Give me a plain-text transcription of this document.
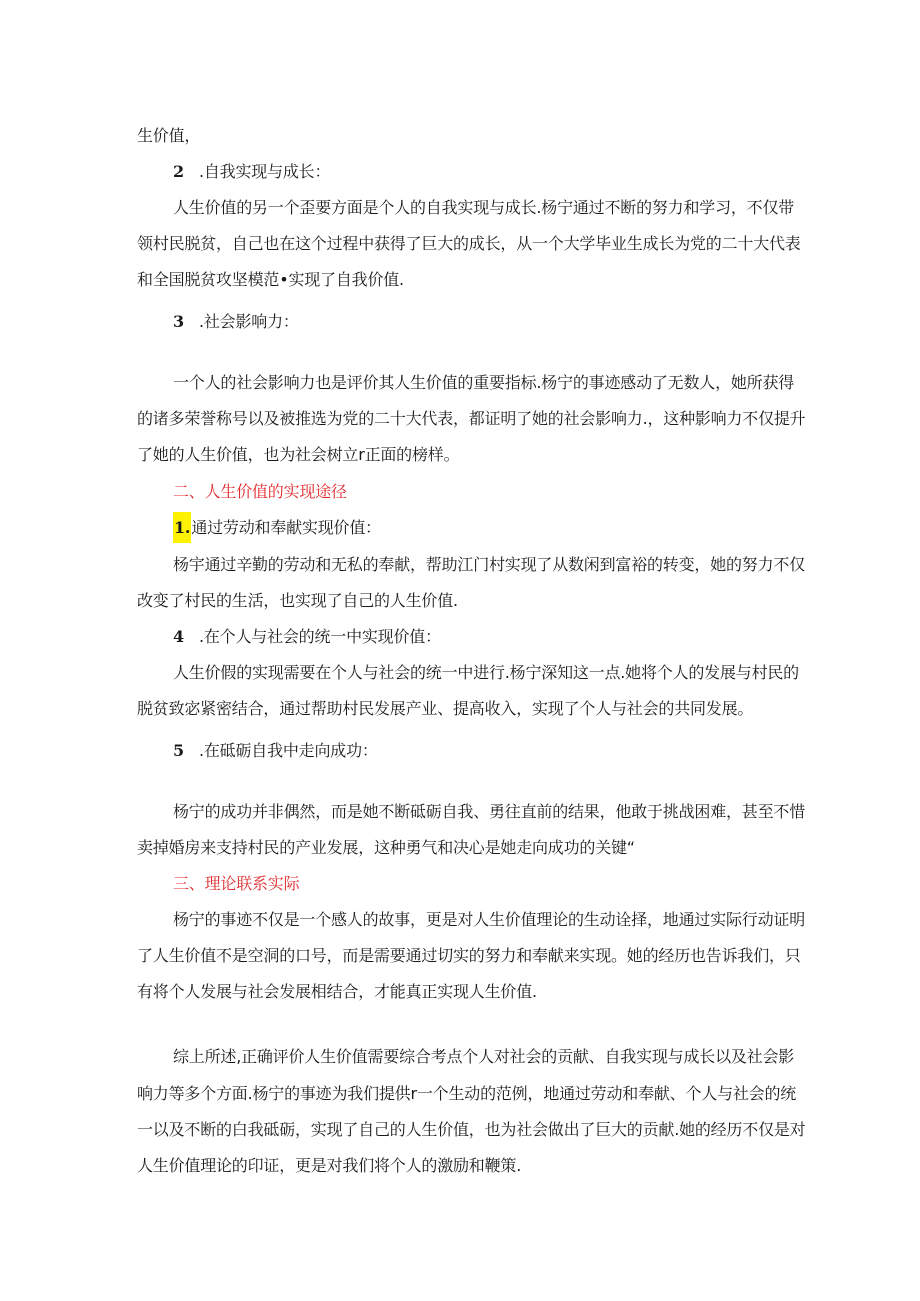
生价值，
2 .自我实现与成长：
人生价值的另一个歪要方面是个人的自我实现与成长.杨宁通过不断的努力和学习，不仅带
领村民脱贫，自己也在这个过程中获得了巨大的成长，从一个大学毕业生成长为党的二十大代表
和全国脱贫攻坚模范•实现了自我价值.
3 .社会影响力：
一个人的社会影响力也是评价其人生价值的重要指标.杨宁的事迹感动了无数人，她所获得
的诸多荣誉称号以及被推选为党的二十大代表，都证明了她的社会影响力.，这种影响力不仅提升
了她的人生价值，也为社会树立r正面的榜样。
二、人生价值的实现途径
1.通过劳动和奉献实现价值：
杨宇通过辛勤的劳动和无私的奉献，帮助江门村实现了从数闲到富裕的转变，她的努力不仅
改变了村民的生活，也实现了自己的人生价值.
4 .在个人与社会的统一中实现价值：
人生价假的实现需要在个人与社会的统一中进行.杨宁深知这一点.她将个人的发展与村民的
脱贫致宓紧密结合，通过帮助村民发展产业、提高收入，实现了个人与社会的共同发展。
5 .在砥砺自我中走向成功：
杨宁的成功并非偶然，而是她不断砥砺自我、勇往直前的结果，他敢于挑战困难，甚至不惜
卖掉婚房来支持村民的产业发展，这种勇气和决心是她走向成功的关键“
三、理论联系实际
杨宁的事迹不仅是一个感人的故事，更是对人生价值理论的生动诠择，地通过实际行动证明
了人生价值不是空洞的口号，而是需要通过切实的努力和奉献来实现。她的经历也告诉我们，只
有将个人发展与社会发展相结合，才能真正实现人生价值.
综上所述,正确评价人生价值需要综合考点个人对社会的贡献、自我实现与成长以及社会影
响力等多个方面.杨宁的事迹为我们提供r一个生动的范例，地通过劳动和奉献、个人与社会的统
一以及不断的白我砥砺，实现了自己的人生价值，也为社会做出了巨大的贡献.她的经历不仅是对
人生价值理论的印证，更是对我们将个人的激励和鞭策.
